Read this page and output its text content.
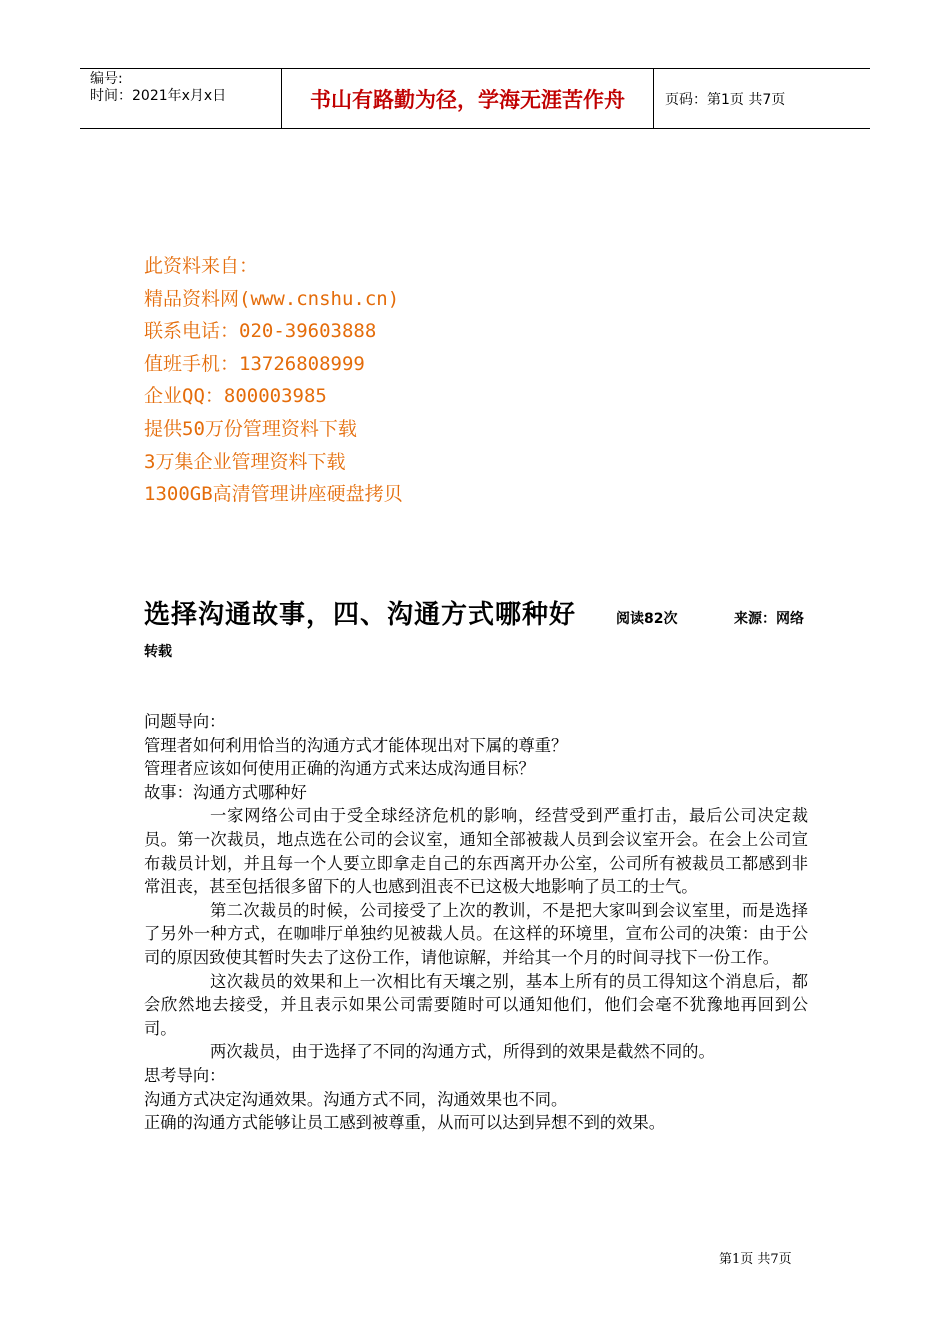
编号:
时间：2021年x月x日	书山有路勤为径，学海无涯苦作舟	页码：第1页 共7页
此资料来自：
精品资料网(www.cnshu.cn)
联系电话：020-39603888
值班手机：13726808999
企业QQ：800003985
提供50万份管理资料下载
3万集企业管理资料下载
1300GB高清管理讲座硬盘拷贝
选择沟通故事，四、沟通方式哪种好	阅读82次	来源：网络
转载

问题导向：

管理者如何利用恰当的沟通方式才能体现出对下属的尊重？

管理者应该如何使用正确的沟通方式来达成沟通目标？

故事：沟通方式哪种好

一家网络公司由于受全球经济危机的影响，经营受到严重打击，最后公司决定裁员。第一次裁员，地点选在公司的会议室，通知全部被裁人员到会议室开会。在会上公司宣布裁员计划，并且每一个人要立即拿走自己的东西离开办公室，公司所有被裁员工都感到非常沮丧，甚至包括很多留下的人也感到沮丧不已这极大地影响了员工的士气。

第二次裁员的时候，公司接受了上次的教训，不是把大家叫到会议室里，而是选择了另外一种方式，在咖啡厅单独约见被裁人员。在这样的环境里，宣布公司的决策：由于公司的原因致使其暂时失去了这份工作，请他谅解，并给其一个月的时间寻找下一份工作。

这次裁员的效果和上一次相比有天壤之别，基本上所有的员工得知这个消息后，都会欣然地去接受，并且表示如果公司需要随时可以通知他们，他们会毫不犹豫地再回到公司。

两次裁员，由于选择了不同的沟通方式，所得到的效果是截然不同的。

思考导向：

沟通方式决定沟通效果。沟通方式不同，沟通效果也不同。

正确的沟通方式能够让员工感到被尊重，从而可以达到异想不到的效果。

第1页 共7页
